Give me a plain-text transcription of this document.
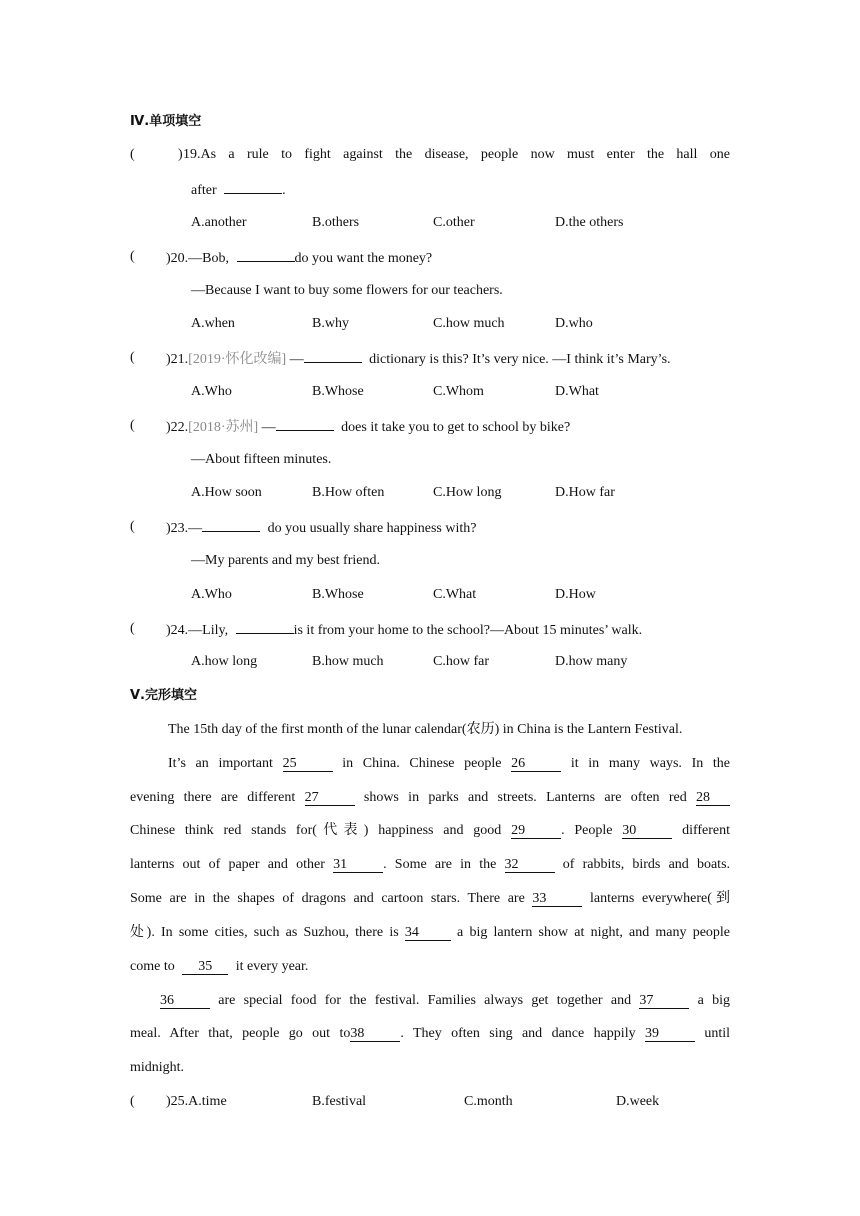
Ⅳ.单项填空
(	) 19.As a rule to fight against the disease, people now must enter the hall one
after	.
A.another	B.others	C.other	D.the others
( )20.—Bob,	do you want the money?
—Because I want to buy some flowers for our teachers.
A.when	B.why	C.how much	D.who
( )21.[2019·怀化改编] —	dictionary is this? It’s very nice. —I think it’s Mary’s.
A.Who	B.Whose	C.Whom	D.What
( )22.[2018·苏州] —	does it take you to get to school by bike?
—About fifteen minutes.
A.How soon	B.How often	C.How long	D.How far
( )23.—	do you usually share happiness with?
—My parents and my best friend.
A.Who	B.Whose	C.What	D.How
( )24.—Lily,	is it from your home to the school?—About 15 minutes’ walk.
A.how long	B.how much	C.how far	D.how many
Ⅴ.完形填空
The 15th day of the first month of the lunar calendar(农历) in China is the Lantern Festival.
It’s an important 25	in China. Chinese people 26	it in many ways. In the
evening there are different 27	shows in parks and streets. Lanterns are often red 28
Chinese think red stands for(代表) happiness and good 29	. People 30	different
lanterns out of paper and other 31	. Some are in the 32	of rabbits, birds and boats.
Some are in the shapes of dragons and cartoon stars. There are 33	lanterns everywhere(到
处). In some cities, such as Suzhou, there is 34	a big lantern show at night, and many people
come to 35 it every year.
36	are special food for the festival. Families always get together and 37	a big
meal. After that, people go out to38	. They often sing and dance happily 39	until
midnight.
( )25.A.time	B.festival	C.month	D.week
